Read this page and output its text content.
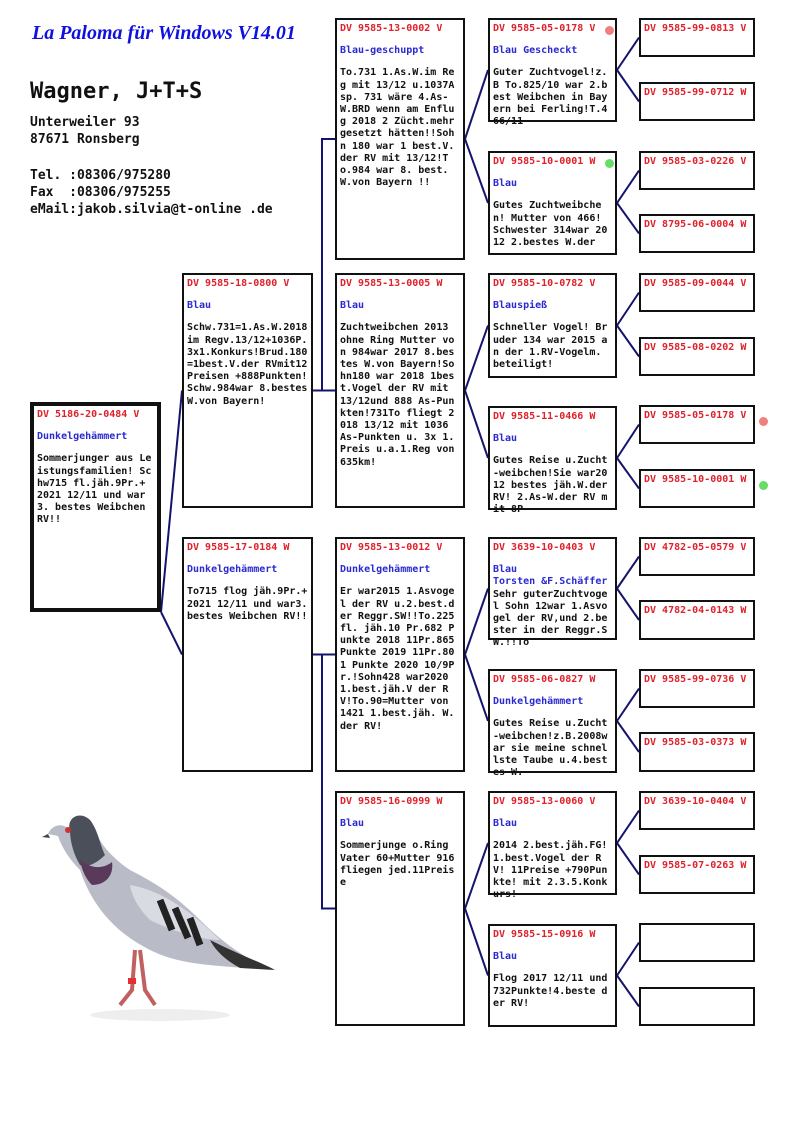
La Paloma für Windows V14.01
Wagner, J+T+S
Unterweiler 93
87671 Ronsberg
Tel. :08306/975280
Fax  :08306/975255
eMail:jakob.silvia@t-online .de
DV 5186-20-0484 V
Dunkelgehämmert
Sommerjunger aus Leistungsfamilien! Schw715 fl.jäh.9Pr.+ 2021 12/11 und war3. bestes Weibchen RV!!
DV 9585-18-0800 V
Blau
Schw.731=1.As.W.2018 im Regv.13/12+1036P. 3x1.Konkurs!Brud.180 =1best.V.der RVmit12 Preisen +888Punkten! Schw.984war 8.bestes W.von Bayern!
DV 9585-17-0184 W
Dunkelgehämmert
To715 flog jäh.9Pr.+ 2021 12/11 und war3. bestes Weibchen RV!!
DV 9585-13-0002 V
Blau-geschuppt
To.731 1.As.W.im Reg mit 13/12 u.1037Asp. 731 wäre 4.As-W.BRD wenn am Enflug 2018 2 Zücht.mehr gesetzt hätten!!Sohn 180 war 1 best.V. der RV mit 13/12!To.984 war 8. best.W.von Bayern !!
DV 9585-13-0005 W
Blau
Zuchtweibchen 2013 ohne Ring Mutter von 984war 2017 8.bestes W.von Bayern!Sohn180 war 2018 1best.Vogel der RV mit 13/12und 888 As-Punkten!731To fliegt 2018 13/12 mit 1036 As-Punkten u. 3x 1.Preis u.a.1.Reg von 635km!
DV 9585-13-0012 V
Dunkelgehämmert
Er war2015 1.Asvogel der RV u.2.best.der Reggr.SW!!To.225 fl. jäh.10 Pr.682 Punkte 2018 11Pr.865 Punkte 2019 11Pr.801 Punkte 2020 10/9Pr.!Sohn428 war2020 1.best.jäh.V der RV!To.90=Mutter von 1421 1.best.jäh. W.der RV!
DV 9585-16-0999 W
Blau
Sommerjunge o.Ring Vater 60+Mutter 916 fliegen jed.11Preise
DV 9585-05-0178 V
Blau Gescheckt
Guter Zuchtvogel!z.B To.825/10 war 2.best Weibchen in Bayern bei Ferling!T.466/11
DV 9585-10-0001 W
Blau
Gutes Zuchtweibchen! Mutter von 466! Schwester 314war 2012 2.bestes W.der
DV 9585-10-0782 V
Blauspieß
Schneller Vogel! Bruder 134 war 2015 an der 1.RV-Vogelm. beteiligt!
DV 9585-11-0466 W
Blau
Gutes Reise u.Zucht-weibchen!Sie war2012 bestes jäh.W.der RV! 2.As-W.der RV mit 8P
DV 3639-10-0403 V
Blau
Torsten &F.Schäffer
Sehr guterZuchtvogel Sohn 12war 1.Asvogel der RV,und 2.bester in der Reggr.SW.!!To
DV 9585-06-0827 W
Dunkelgehämmert
Gutes Reise u.Zucht-weibchen!z.B.2008war sie meine schnellste Taube u.4.bestes W.
DV 9585-13-0060 V
Blau
2014 2.best.jäh.FG! 1.best.Vogel der RV! 11Preise +790Punkte! mit 2.3.5.Konkurs!
DV 9585-15-0916 W
Blau
Flog 2017 12/11 und 732Punkte!4.beste der RV!
DV 9585-99-0813 V
DV 9585-99-0712 W
DV 9585-03-0226 V
DV 8795-06-0004 W
DV 9585-09-0044 V
DV 9585-08-0202 W
DV 9585-05-0178 V
DV 9585-10-0001 W
DV 4782-05-0579 V
DV 4782-04-0143 W
DV 9585-99-0736 V
DV 9585-03-0373 W
DV 3639-10-0404 V
DV 9585-07-0263 W
